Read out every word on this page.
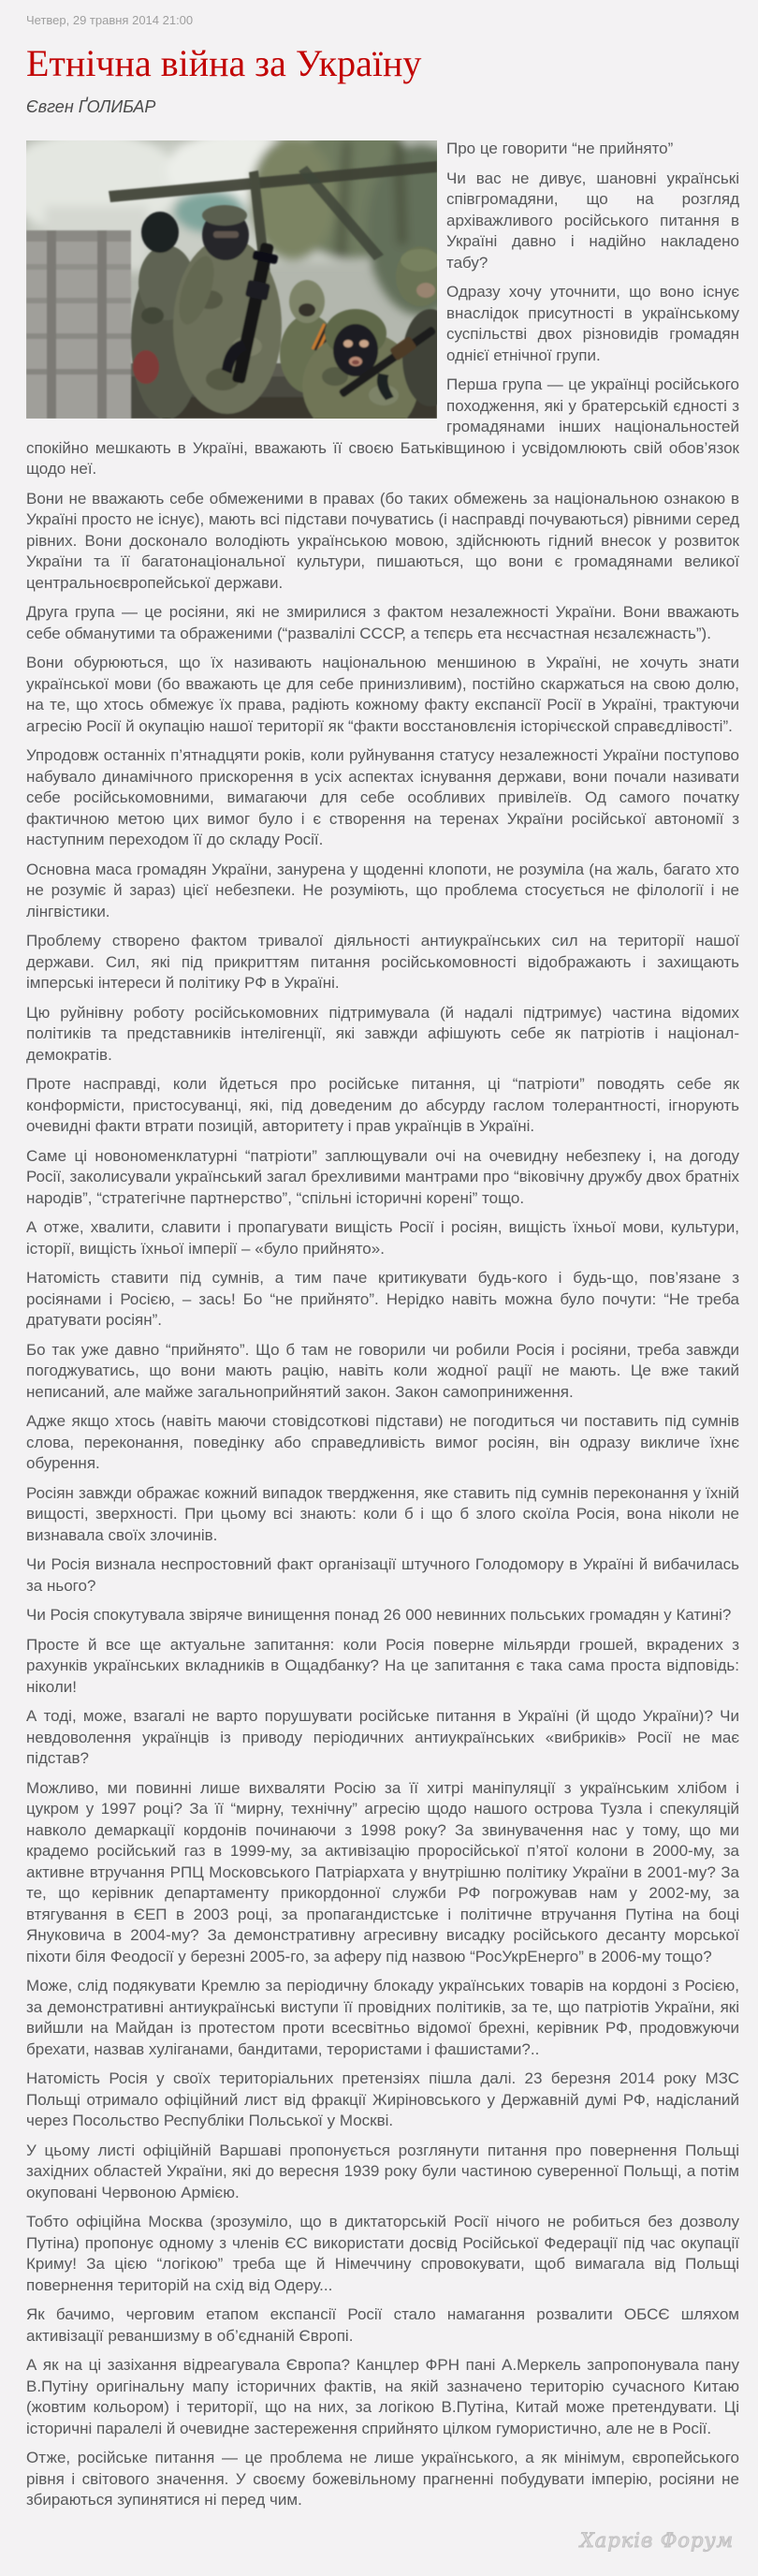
Четвер, 29 травня 2014 21:00
Етнічна війна за Україну
Євген ҐОЛИБАР

Про це говорити “не прийнято”

Чи вас не дивує, шановні українські співгромадяни, що на розгляд архіважливого російського питання в Україні давно і надійно накладено табу?

Одразу хочу уточнити, що воно існує внаслідок присутності в українському суспільстві двох різновидів громадян однієї етнічної групи.

Перша група — це українці російського походження, які у братерській єдності з громадянами інших національностей спокійно мешкають в Україні, вважають її своєю Батьківщиною і усвідомлюють свій обов’язок щодо неї.

Вони не вважають себе обмеженими в правах (бо таких обмежень за національною ознакою в Україні просто не існує), мають всі підстави почуватись (і насправді почуваються) рівними серед рівних. Вони досконало володіють українською мовою, здійснюють гідний внесок у розвиток України та її багатонаціональної культури, пишаються, що вони є громадянами великої центральноєвропейської держави.

Друга група — це росіяни, які не змирилися з фактом незалежності України. Вони вважають себе обманутими та ображеними (“развалілі СССР, а тєпєрь ета нєсчастная нєзалєжнасть”).

Вони обурюються, що їх називають національною меншиною в Україні, не хочуть знати української мови (бо вважають це для себе принизливим), постійно скаржаться на свою долю, на те, що хтось обмежує їх права, радіють кожному факту експансії Росії в Україні, трактуючи агресію Росії й окупацію нашої території як “факти восстановлєнія історічєской справєдлівості”.

Упродовж останніх п’ятнадцяти років, коли руйнування статусу незалежності України поступово набувало динамічного прискорення в усіх аспектах існування держави, вони почали називати себе російськомовними, вимагаючи для себе особливих привілеїв. Од самого початку фактичною метою цих вимог було і є створення на теренах України російської автономії з наступним переходом її до складу Росії.

Основна маса громадян України, занурена у щоденні клопоти, не розуміла (на жаль, багато хто не розуміє й зараз) цієї небезпеки. Не розуміють, що проблема стосується не філології і не лінгвістики.

Проблему створено фактом тривалої діяльності антиукраїнських сил на території нашої держави. Сил, які під прикриттям питання російськомовності відображають і захищають імперські інтереси й політику РФ в Україні.

Цю руйнівну роботу російськомовних підтримувала (й надалі підтримує) частина відомих політиків та представників інтелігенції, які завжди афішують себе як патріотів і націонал-демократів.

Проте насправді, коли йдеться про російське питання, ці “патріоти” поводять себе як конформісти, пристосуванці, які, під доведеним до абсурду гаслом толерантності, ігнорують очевидні факти втрати позицій, авторитету і прав українців в Україні.

Саме ці новономенклатурні “патріоти” заплющували очі на очевидну небезпеку і, на догоду Росії, заколисували український загал брехливими мантрами про “віковічну дружбу двох братніх народів”, “стратегічне партнерство”, “спільні історичні корені” тощо.

А отже, хвалити, славити і пропагувати вищість Росії і росіян, вищість їхньої мови, культури, історії, вищість їхньої імперії – «було прийнято».

Натомість ставити під сумнів, а тим паче критикувати будь-кого і будь-що, пов’язане з росіянами і Росією, – зась! Бо “не прийнято”. Нерідко навіть можна було почути: “Не треба дратувати росіян”.

Бо так уже давно “прийнято”. Що б там не говорили чи робили Росія і росіяни, треба завжди погоджуватись, що вони мають рацію, навіть коли жодної рації не мають. Це вже такий неписаний, але майже загальноприйнятий закон. Закон самоприниження.

Адже якщо хтось (навіть маючи стовідсоткові підстави) не погодиться чи поставить під сумнів слова, переконання, поведінку або справедливість вимог росіян, він одразу викличе їхнє обурення.

Росіян завжди ображає кожний випадок твердження, яке ставить під сумнів переконання у їхній вищості, зверхності. При цьому всі знають: коли б і що б злого скоїла Росія, вона ніколи не визнавала своїх злочинів.

Чи Росія визнала неспростовний факт організації штучного Голодомору в Україні й вибачилась за нього?

Чи Росія спокутувала звіряче винищення понад 26 000 невинних польських громадян у Катині?

Просте й все ще актуальне запитання: коли Росія поверне мільярди грошей, вкрадених з рахунків українських вкладників в Ощадбанку? На це запитання є така сама проста відповідь: ніколи!

А тоді, може, взагалі не варто порушувати російське питання в Україні (й щодо України)? Чи невдоволення українців із приводу періодичних антиукраїнських «вибриків» Росії не має підстав?

Можливо, ми повинні лише вихваляти Росію за її хитрі маніпуляції з українським хлібом і цукром у 1997 році? За її “мирну, технічну” агресію щодо нашого острова Тузла і спекуляцій навколо демаркації кордонів починаючи з 1998 року? За звинувачення нас у тому, що ми крадемо російський газ в 1999-му, за активізацію проросійської п’ятої колони в 2000-му, за активне втручання РПЦ Московського Патріархата у внутрішню політику України в 2001-му? За те, що керівник департаменту прикордонної служби РФ погрожував нам у 2002-му, за втягування в ЄЕП в 2003 році, за пропагандистське і політичне втручання Путіна на боці Януковича в 2004-му? За демонстративну агресивну висадку російського десанту морської піхоти біля Феодосії у березні 2005-го, за аферу під назвою “РосУкрЕнерго” в 2006-му тощо?

Може, слід подякувати Кремлю за періодичну блокаду українських товарів на кордоні з Росією, за демонстративні антиукраїнські виступи її провідних політиків, за те, що патріотів України, які вийшли на Майдан із протестом проти всесвітньо відомої брехні, керівник РФ, продовжуючи брехати, назвав хуліганами, бандитами, терористами і фашистами?..

Натомість Росія у своїх територіальних претензіях пішла далі. 23 березня 2014 року МЗС Польщі отримало офіційний лист від фракції Жиріновського у Державній думі РФ, надісланий через Посольство Республіки Польської у Москві.

У цьому листі офіційній Варшаві пропонується розглянути питання про повернення Польщі західних областей України, які до вересня 1939 року були частиною суверенної Польщі, а потім окуповані Червоною Армією.

Тобто офіційна Москва (зрозуміло, що в диктаторській Росії нічого не робиться без дозволу Путіна) пропонує одному з членів ЄС використати досвід Російської Федерації під час окупації Криму! За цією “логікою” треба ще й Німеччину спровокувати, щоб вимагала від Польщі повернення територій на схід від Одеру...

Як бачимо, черговим етапом експансії Росії стало намагання розвалити ОБСЄ шляхом активізації реваншизму в об’єднаній Європі.

А як на ці зазіхання відреагувала Європа? Канцлер ФРН пані А.Меркель запропонувала пану В.Путіну оригінальну мапу історичних фактів, на якій зазначено територію сучасного Китаю (жовтим кольором) і території, що на них, за логікою В.Путіна, Китай може претендувати. Ці історичні паралелі й очевидне застереження сприйнято цілком гумористично, але не в Росії.

Отже, російське питання — це проблема не лише українського, а як мінімум, європейського рівня і світового значення. У своєму божевільному прагненні побудувати імперію, росіяни не збираються зупинятися ні перед чим.

Харків Форум
